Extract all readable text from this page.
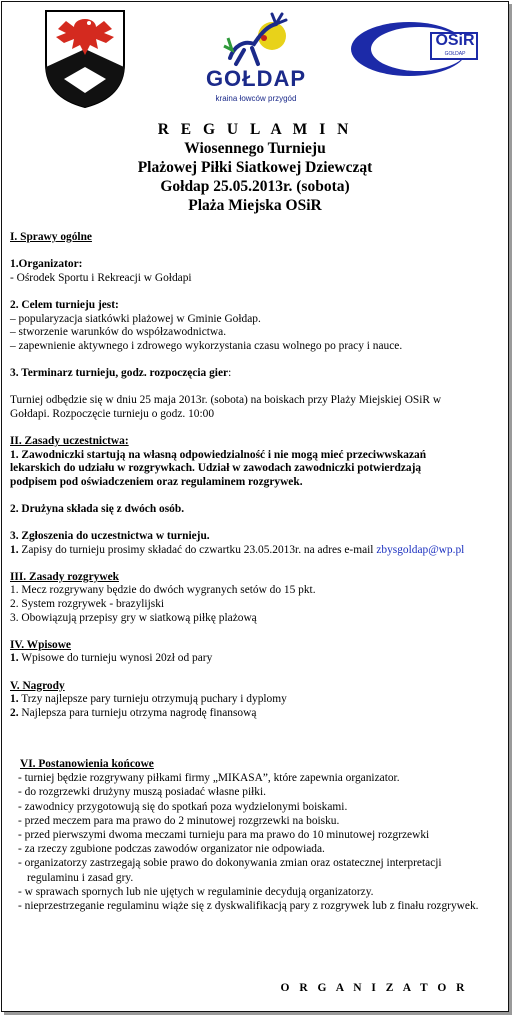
GOŁDAP
kraina łowców przygód
OSiR
GOŁDAP
R E G U L A M I N
Wiosennego Turnieju
Plażowej Piłki Siatkowej Dziewcząt
Gołdap 25.05.2013r. (sobota)
Plaża Miejska OSiR
I. Sprawy ogólne
1.Organizator:
- Ośrodek Sportu i Rekreacji w Gołdapi
2. Celem turnieju jest:
– popularyzacja siatkówki plażowej w Gminie Gołdap.
– stworzenie warunków do współzawodnictwa.
– zapewnienie aktywnego i zdrowego wykorzystania czasu wolnego po pracy i nauce.
3. Terminarz turnieju, godz. rozpoczęcia gier:
Turniej odbędzie się w dniu 25 maja 2013r. (sobota) na boiskach przy Plaży Miejskiej OSiR w
Gołdapi. Rozpoczęcie turnieju o godz. 10:00
II. Zasady uczestnictwa:
1. Zawodniczki startują na własną odpowiedzialność i nie mogą mieć przeciwwskazań
lekarskich do udziału w rozgrywkach. Udział w zawodach zawodniczki potwierdzają
podpisem pod oświadczeniem oraz regulaminem rozgrywek.
2. Drużyna składa się z dwóch osób.
3. Zgłoszenia do uczestnictwa w turnieju.
1. Zapisy do turnieju prosimy składać do czwartku 23.05.2013r. na adres e-mail zbysgoldap@wp.pl
III. Zasady rozgrywek
1. Mecz rozgrywany będzie do dwóch wygranych setów do 15 pkt.
2. System rozgrywek - brazylijski
3. Obowiązują przepisy gry w siatkową piłkę plażową
IV. Wpisowe
1. Wpisowe do turnieju wynosi 20zł od pary
V. Nagrody
1. Trzy najlepsze pary turnieju otrzymują puchary i dyplomy
2. Najlepsza para turnieju otrzyma nagrodę finansową
VI. Postanowienia końcowe
- turniej będzie rozgrywany piłkami firmy „MIKASA”, które zapewnia organizator.
- do rozgrzewki drużyny muszą posiadać własne piłki.
- zawodnicy przygotowują się do spotkań poza wydzielonymi boiskami.
- przed meczem para ma prawo do 2 minutowej rozgrzewki na boisku.
- przed pierwszymi dwoma meczami turnieju para ma prawo do 10 minutowej rozgrzewki
- za rzeczy zgubione podczas zawodów organizator nie odpowiada.
- organizatorzy zastrzegają sobie prawo do dokonywania zmian oraz ostatecznej interpretacji regulaminu i zasad gry.
- w sprawach spornych lub nie ujętych w regulaminie decydują organizatorzy.
- nieprzestrzeganie regulaminu wiąże się z dyskwalifikacją pary z rozgrywek lub z finału rozgrywek.
O R G A N I Z A T O R
